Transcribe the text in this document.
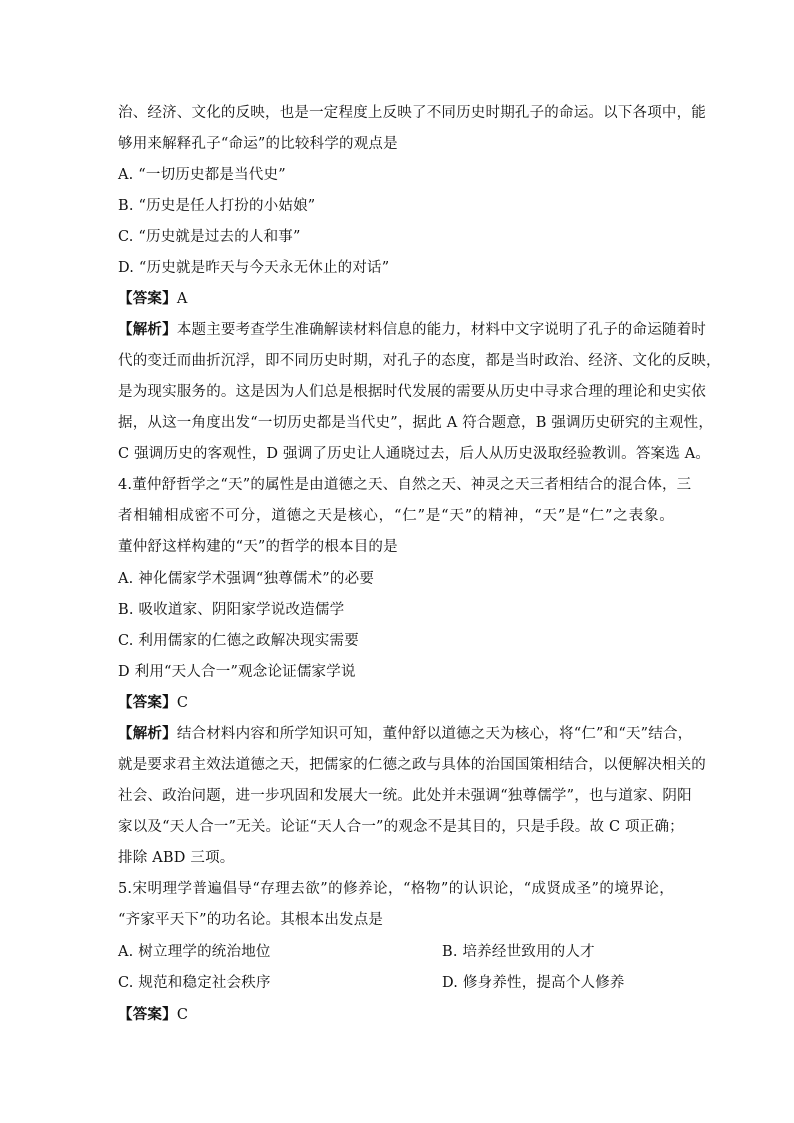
治、经济、文化的反映，也是一定程度上反映了不同历史时期孔子的命运。以下各项中，能
够用来解释孔子“命运”的比较科学的观点是
A. “一切历史都是当代史”
B. “历史是任人打扮的小姑娘”
C. “历史就是过去的人和事”
D. “历史就是昨天与今天永无休止的对话”
【答案】A
【解析】本题主要考查学生准确解读材料信息的能力，材料中文字说明了孔子的命运随着时
代的变迁而曲折沉浮，即不同历史时期，对孔子的态度，都是当时政治、经济、文化的反映，
是为现实服务的。这是因为人们总是根据时代发展的需要从历史中寻求合理的理论和史实依
据，从这一角度出发“一切历史都是当代史”，据此 A 符合题意，B 强调历史研究的主观性，
C 强调历史的客观性，D 强调了历史让人通晓过去，后人从历史汲取经验教训。答案选 A。
4.董仲舒哲学之“天”的属性是由道德之天、自然之天、神灵之天三者相结合的混合体，三
者相辅相成密不可分，道德之天是核心，“仁”是“天”的精神，“天”是“仁”之表象。
董仲舒这样构建的“天”的哲学的根本目的是
A. 神化儒家学术强调“独尊儒术”的必要
B. 吸收道家、阴阳家学说改造儒学
C. 利用儒家的仁德之政解决现实需要
D 利用“天人合一”观念论证儒家学说
【答案】C
【解析】结合材料内容和所学知识可知，董仲舒以道德之天为核心，将“仁”和“天”结合，
就是要求君主效法道德之天，把儒家的仁德之政与具体的治国国策相结合，以便解决相关的
社会、政治问题，进一步巩固和发展大一统。此处并未强调“独尊儒学”，也与道家、阴阳
家以及“天人合一”无关。论证“天人合一”的观念不是其目的，只是手段。故 C 项正确；
排除 ABD 三项。
5.宋明理学普遍倡导“存理去欲”的修养论，“格物”的认识论，“成贤成圣”的境界论，
“齐家平天下”的功名论。其根本出发点是
A. 树立理学的统治地位	B. 培养经世致用的人才
C. 规范和稳定社会秩序	D. 修身养性，提高个人修养
【答案】C
